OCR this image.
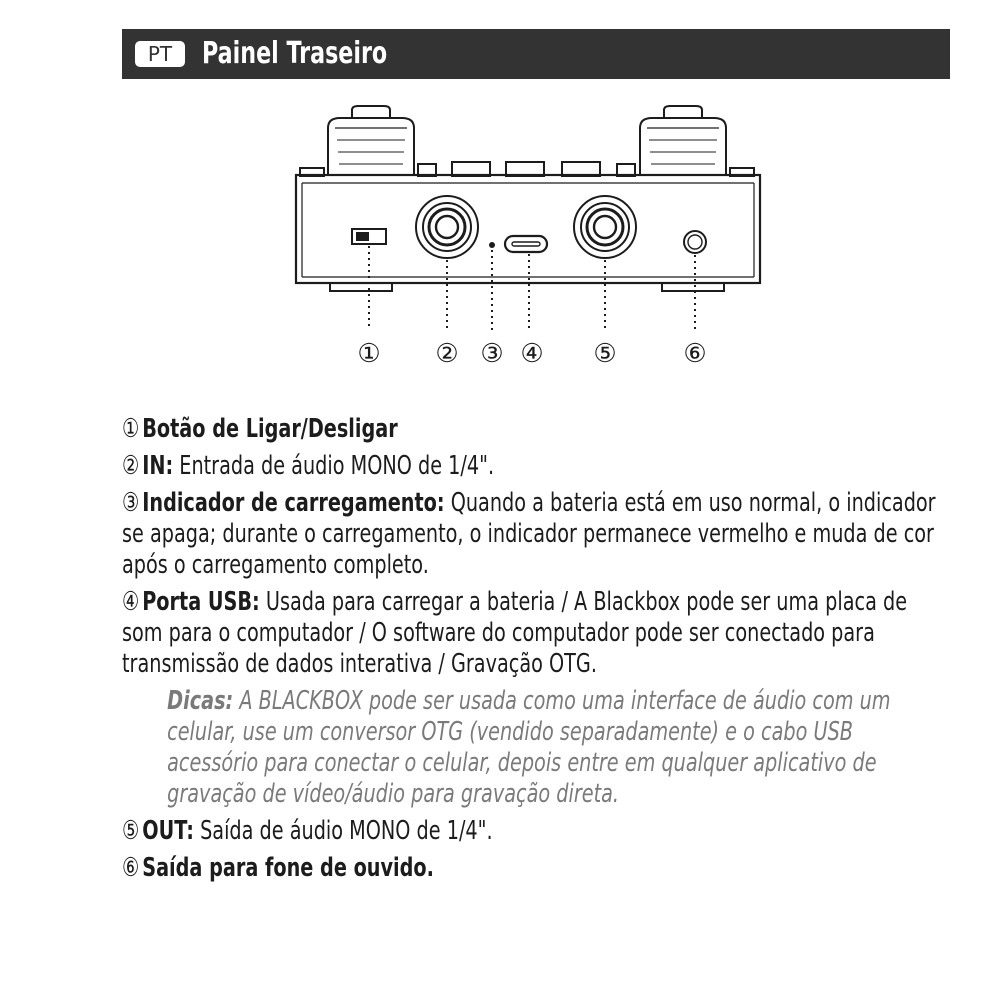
PT Painel Traseiro
① ② ③ ④ ⑤	⑥
① Botão de Ligar/Desligar
② IN: Entrada de áudio MONO de 1/4".
③ Indicador de carregamento: Quando a bateria está em uso normal, o indicador se apaga; durante o carregamento, o indicador permanece vermelho e muda de cor após o carregamento completo.
④ Porta USB: Usada para carregar a bateria / A Blackbox pode ser uma placa de som para o computador / O software do computador pode ser conectado para transmissão de dados interativa / Gravação OTG.
Dicas: A BLACKBOX pode ser usada como uma interface de áudio com um celular, use um conversor OTG (vendido separadamente) e o cabo USB acessório para conectar o celular, depois entre em qualquer aplicativo de gravação de vídeo/áudio para gravação direta.
⑤ OUT: Saída de áudio MONO de 1/4".
⑥ Saída para fone de ouvido.
